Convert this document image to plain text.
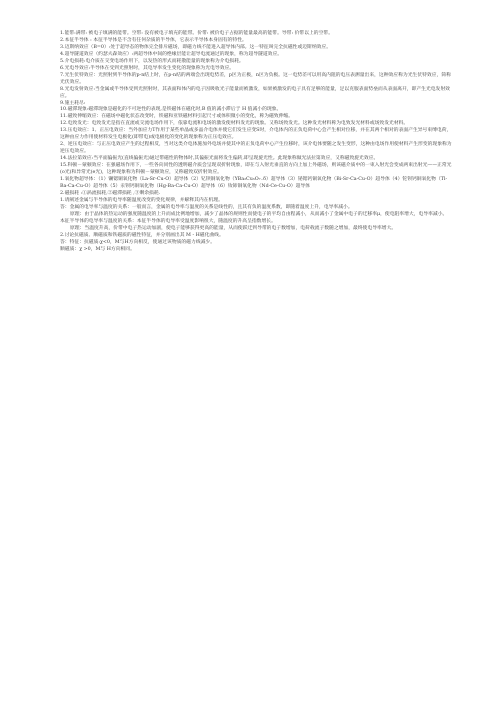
1.能带:满带: 被电子填满的能带。空带: 没有被电子填充的能带。价带: 被价电子占据的能量最高的能带。导带: 价带以上的空带。

2.本征半导体 : 本征半导体是不含有任何杂质的半导体，它表示半导体本身固有的特性。

3.迈斯纳效应（B=0）:处于超导态的物体完全排斥磁场，即磁力线不能进入超导体内部。这一特征叫完全抗磁性或迈斯纳效应。

4.超导隧道效应（约瑟夫森效应）:两超导体中间的绝缘层能让超导电流通过的现象，称为超导隧道效应。

5.介电损耗:电介质在交变电场作用下，以发热的形式而耗散能量的现象称为介电损耗。

6.光电导效应:半导体在受到光照射时，其电导率发生变化的现象称为光电导效应。

7.光生伏特效应：光照射到半导体的p-n结上时，在p-n结的两端会出现电势差，p区为正极，n区为负极。这一电势差可以用高内阻的电压表测量出来，这种效应称为光生伏特效应，简称光伏效应。

8.光电发射效应:当金属或半导体受到光照射时，其表面和体内的电子因吸收光子能量而被激发，如果被激发的电子具有足够的能量，足以克服表面势垒而从表面离开，即产生光电发射效应。

9.施主耗尽:

10.磁滞现象:磁滞现象是磁化的不可逆性的表现,是铁磁体在磁化时,B 值的减小滞后于 H 值减小的现象。

11.磁致伸缩效应：在磁场中磁化状态改变时，铁磁和亚铁磁材料引起尺寸或体积微小的变化，称为磁致伸缩。

12.电致发光：电致发光是指在直流或交流电场作用下，依靠电流和电场的激发使材料发光的现象。又称场致发光。这种发光材料称为电致发光材料或场致发光材料。

13.压电效应：1、正压电效应：当外加应力T作用于某些单晶或多晶介电体并使它们发生应变S时，介电体内的正负电荷中心会产生相对位移，并在其两个相对的表面产生异号束缚电荷，这种由应力作用使材料发生电极化(即带电)或电极化的变化的现象称为正压电效应。

2、逆压电效应：与正压电效应产生的过程相反，当对这类介电体施加外电场并使其中的正负电荷中心产生位移时，该介电体要随之发生变形，这种由电场作用使材料产生形变的现象称为逆压电效应。

14.法拉第效应:当平面偏振光(直线偏振光)通过带磁性的物体时,其偏振光面将发生偏转,即呈现旋光性。此现象称做光法拉第效应，又称磁致旋光效应。

15.科顿－蒙顿效应：在强磁场作用下，一些各向同性的透明磁介质会呈现双折射现象，即在与入射光垂直的方向上加上外磁场，则该磁介质中的一束入射光会变成两束出射光——正常光(o光)和异常光(e光)，这种现象称为科顿－蒙顿效应，又称磁致双折射效应。

1.氧化物超导体：（1）镧锶铜氧化物（La-Sr-Cu-O）超导体（2）钇钡铜氧化物（YBa₂Cu₃O₇₋δ）超导体（3）铋锶钙铜氧化物（Bi-Sr-Ca-Cu-O）超导体（4）铊钡钙铜氧化物（Tl-Ba-Ca-Cu-O）超导体（5）汞钡钙铜氧化物（Hg-Ba-Ca-Cu-O）超导体（6）钕铈铜氧化物（Nd-Ce-Cu-O）超导体

2.磁损耗 :①涡流损耗,②磁滞损耗 ,③剩余损耗.

1.请阐述金属与半导体的电导率随温度改变的变化规律，并解释其内在机理。

答：金属的电导率与温度的关系：一般而言，金属的电导率与温度的关系是线性的，且其有负的温度系数，即随着温度上升，电导率减小。

原理：由于晶体的热运动的强度随温度的上升而成比例地增加，减少了晶体的规则性而使电子的平均自由程减小，从而减小了金属中电子的迁移率μ，使电阻率增大，电导率减小。

本征半导体的电导率与温度的关系：本征半导体的电导率受温度影响很大，随温度的升高呈指数增长。

原理：当温度升高，价带中电子热运动加剧，使电子能够获得更高的能量，从而使跃迁到导带的电子数增加，电荷载流子数随之增加，最终使电导率增大。

2.讨论抗磁质、顺磁质和铁磁质的磁性特征，并分别画出其 M - H磁化曲线。

答：特征：抗磁质:χ<0，M与H方向相反，使通过该物质的磁力线减少。

顺磁质：χ >0，M与 H方向相同。
